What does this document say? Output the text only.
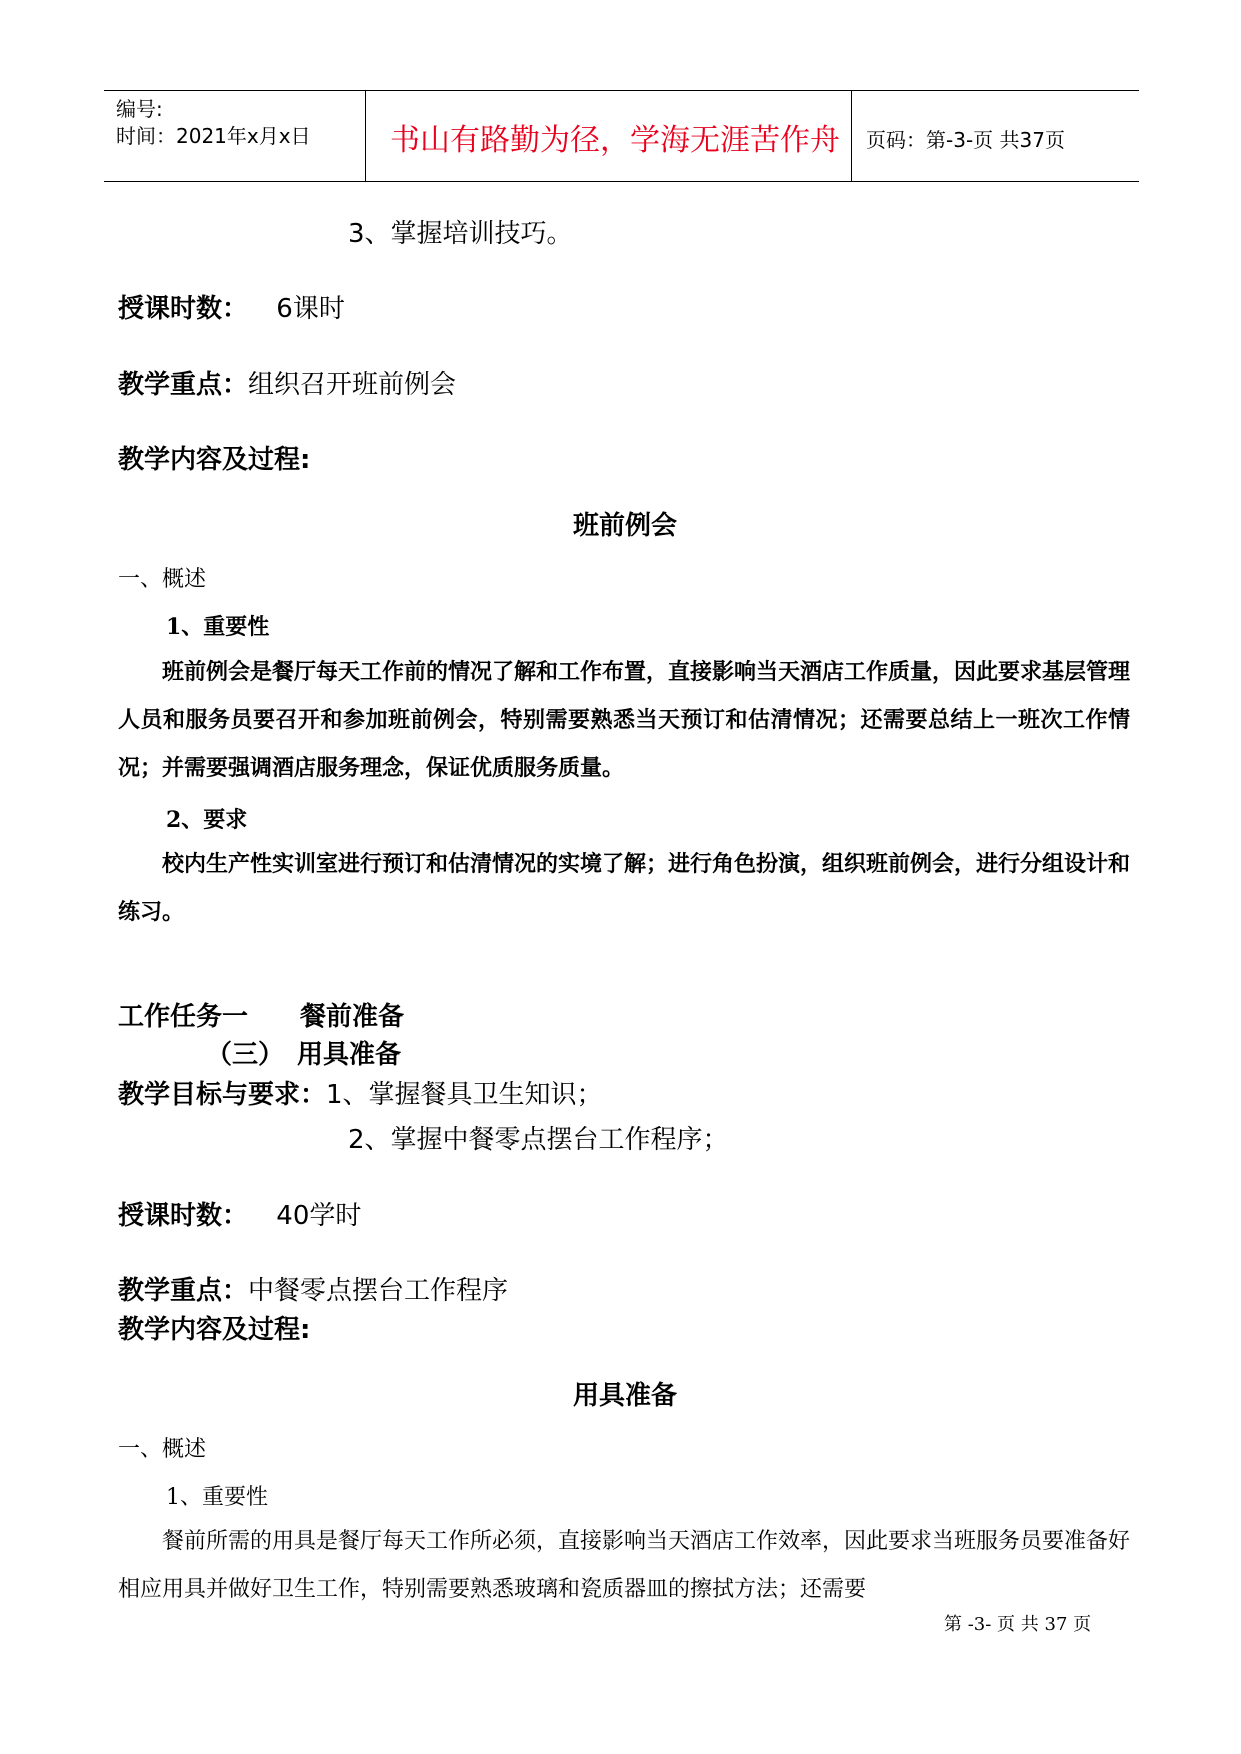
编号:
时间：2021年x月x日	书山有路勤为径，学海无涯苦作舟 页码：第-3-页 共37页
3、掌握培训技巧。
授课时数： 6课时
教学重点：组织召开班前例会
教学内容及过程:
班前例会
一、概述
1、重要性
班前例会是餐厅每天工作前的情况了解和工作布置，直接影响当天酒店工作质量，因此要求基层管理人员和服务员要召开和参加班前例会，特别需要熟悉当天预订和估清情况；还需要总结上一班次工作情况；并需要强调酒店服务理念，保证优质服务质量。
2、要求
校内生产性实训室进行预订和估清情况的实境了解；进行角色扮演，组织班前例会，进行分组设计和练习。
工作任务一　　餐前准备
（三）　用具准备
教学目标与要求：1、掌握餐具卫生知识；
2、掌握中餐零点摆台工作程序；
授课时数： 40学时
教学重点：中餐零点摆台工作程序
教学内容及过程:
用具准备
一、概述
1、重要性
餐前所需的用具是餐厅每天工作所必须，直接影响当天酒店工作效率，因此要求当班服务员要准备好相应用具并做好卫生工作，特别需要熟悉玻璃和瓷质器皿的擦拭方法；还需要
第 -3- 页 共 37 页
